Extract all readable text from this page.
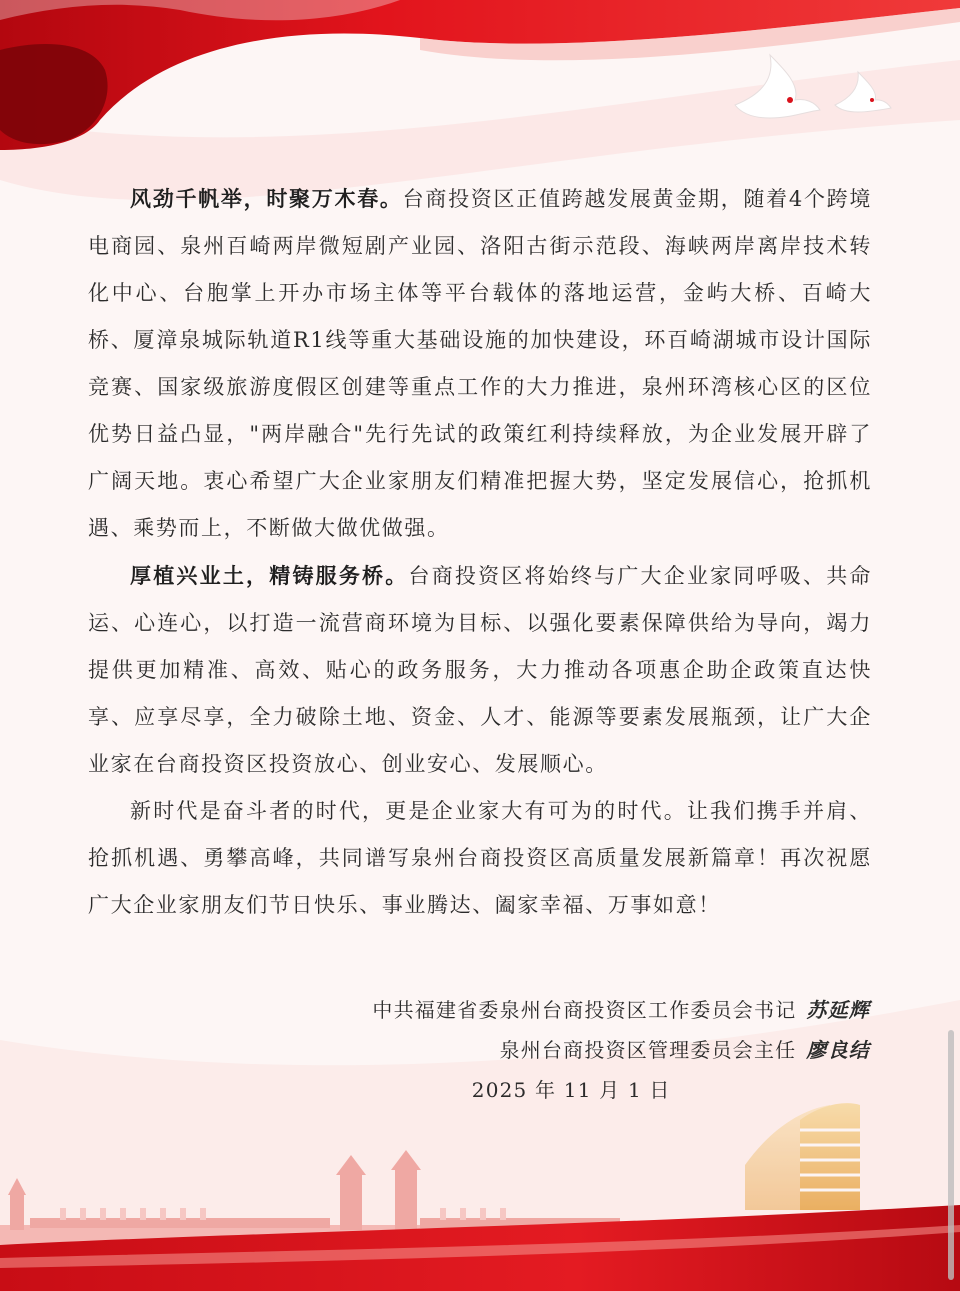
风劲千帆举，时聚万木春。台商投资区正值跨越发展黄金期，随着4个跨境电商园、泉州百崎两岸微短剧产业园、洛阳古街示范段、海峡两岸离岸技术转化中心、台胞掌上开办市场主体等平台载体的落地运营，金屿大桥、百崎大桥、厦漳泉城际轨道R1线等重大基础设施的加快建设，环百崎湖城市设计国际竞赛、国家级旅游度假区创建等重点工作的大力推进，泉州环湾核心区的区位优势日益凸显，"两岸融合"先行先试的政策红利持续释放，为企业发展开辟了广阔天地。衷心希望广大企业家朋友们精准把握大势，坚定发展信心，抢抓机遇、乘势而上，不断做大做优做强。

厚植兴业土，精铸服务桥。台商投资区将始终与广大企业家同呼吸、共命运、心连心，以打造一流营商环境为目标、以强化要素保障供给为导向，竭力提供更加精准、高效、贴心的政务服务，大力推动各项惠企助企政策直达快享、应享尽享，全力破除土地、资金、人才、能源等要素发展瓶颈，让广大企业家在台商投资区投资放心、创业安心、发展顺心。

新时代是奋斗者的时代，更是企业家大有可为的时代。让我们携手并肩、抢抓机遇、勇攀高峰，共同谱写泉州台商投资区高质量发展新篇章！再次祝愿广大企业家朋友们节日快乐、事业腾达、阖家幸福、万事如意！

中共福建省委泉州台商投资区工作委员会书记 苏延辉
泉州台商投资区管理委员会主任 廖良结
2025 年 11 月 1 日
